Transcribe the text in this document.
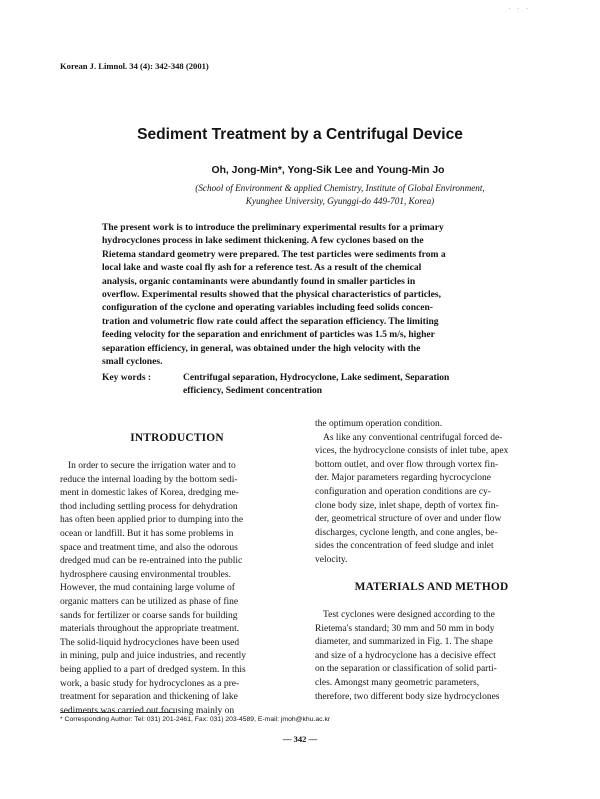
· · ·
Korean J. Limnol. 34 (4): 342-348 (2001)
Sediment Treatment by a Centrifugal Device
Oh, Jong-Min*, Yong-Sik Lee and Young-Min Jo
(School of Environment & applied Chemistry, Institute of Global Environment,
Kyunghee University, Gyunggi-do 449-701, Korea)
The present work is to introduce the preliminary experimental results for a primary
hydrocyclones process in lake sediment thickening. A few cyclones based on the
Rietema standard geometry were prepared. The test particles were sediments from a
local lake and waste coal fly ash for a reference test. As a result of the chemical
analysis, organic contaminants were abundantly found in smaller particles in
overflow. Experimental results showed that the physical characteristics of particles,
configuration of the cyclone and operating variables including feed solids concen-
tration and volumetric flow rate could affect the separation efficiency. The limiting
feeding velocity for the separation and enrichment of particles was 1.5 m/s, higher
separation efficiency, in general, was obtained under the high velocity with the
small cyclones.
Key words :	Centrifugal separation, Hydrocyclone, Lake sediment, Separation
efficiency, Sediment concentration
INTRODUCTION
In order to secure the irrigation water and to
reduce the internal loading by the bottom sedi-
ment in domestic lakes of Korea, dredging me-
thod including settling process for dehydration
has often been applied prior to dumping into the
ocean or landfill. But it has some problems in
space and treatment time, and also the odorous
dredged mud can be re-entrained into the public
hydrosphere causing environmental troubles.
However, the mud containing large volume of
organic matters can be utilized as phase of fine
sands for fertilizer or coarse sands for building
materials throughout the appropriate treatment.
The solid-liquid hydrocyclones have been used
in mining, pulp and juice industries, and recently
being applied to a part of dredged system. In this
work, a basic study for hydrocyclones as a pre-
treatment for separation and thickening of lake
sediments was carried out focusing mainly on
the optimum operation condition.
As like any conventional centrifugal forced de-
vices, the hydrocyclone consists of inlet tube, apex
bottom outlet, and over flow through vortex fin-
der. Major parameters regarding hycrocyclone
configuration and operation conditions are cy-
clone body size, inlet shape, depth of vortex fin-
der, geometrical structure of over and under flow
discharges, cyclone length, and cone angles, be-
sides the concentration of feed sludge and inlet
velocity.
MATERIALS AND METHOD
Test cyclones were designed according to the
Rietema's standard; 30 mm and 50 mm in body
diameter, and summarized in Fig. 1. The shape
and size of a hydrocyclone has a decisive effect
on the separation or classification of solid parti-
cles. Amongst many geometric parameters,
therefore, two different body size hydrocyclones
* Corresponding Author: Tel: 031) 201-2461, Fax: 031) 203-4589, E-mail: jmoh@khu.ac.kr
— 342 —
